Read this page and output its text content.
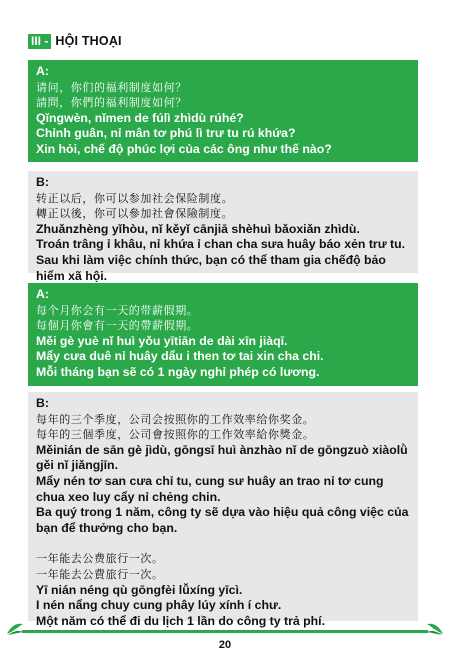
III - HỘI THOẠI
A:
请问，你们的福利制度如何？
請問，你們的福利制度如何？
Qǐngwèn, nǐmen de fúlì zhìdù rúhé?
Chỉnh guân, nỉ mân tơ phú lì trư tu rú khứa?
Xin hỏi, chế độ phúc lợi của các ông như thế nào?
B:
转正以后，你可以参加社会保险制度。
轉正以後，你可以參加社會保險制度。
Zhuǎnzhèng yǐhòu, nǐ kěyǐ cānjiā shèhuì bǎoxiǎn zhìdù.
Troán trâng ỉ khâu, nỉ khứa ỉ chan cha sưa huây báo xẻn trư tu.
Sau khi làm việc chính thức, bạn có thể tham gia chếđộ bảo hiểm xã hội.
A:
每个月你会有一天的带薪假期。
每個月你會有一天的帶薪假期。
Měi gè yuè nǐ huì yǒu yītiān de dài xīn jiàqī.
Mẩy cưa duê nỉ huây dẩu i then tơ tai xin cha chi.
Mỗi tháng bạn sẽ có 1 ngày nghỉ phép có lương.
B:
每年的三个季度，公司会按照你的工作效率给你奖金。
每年的三個季度，公司會按照你的工作效率給你獎金。
Měinián de sān gè jìdù, gōngsī huì ànzhào nǐ de gōngzuò xiàolǜ gěi nǐ jiǎngjīn.
Mẩy nén tơ san cưa chỉ tu, cung sư huây an trao nỉ tơ cung chua xeo luy cẩy nỉ chẻng chin.
Ba quý trong 1 năm, công ty sẽ dựa vào hiệu quả công việc của bạn để thưởng cho bạn.
一年能去公费旅行一次。
一年能去公費旅行一次。
Yī nián néng qù gōngfèi lǚxíng yīcì.
I nén nẩng chuy cung phây lúy xính í chư.
Một năm có thể đi du lịch 1 lần do công ty trả phí.
20
